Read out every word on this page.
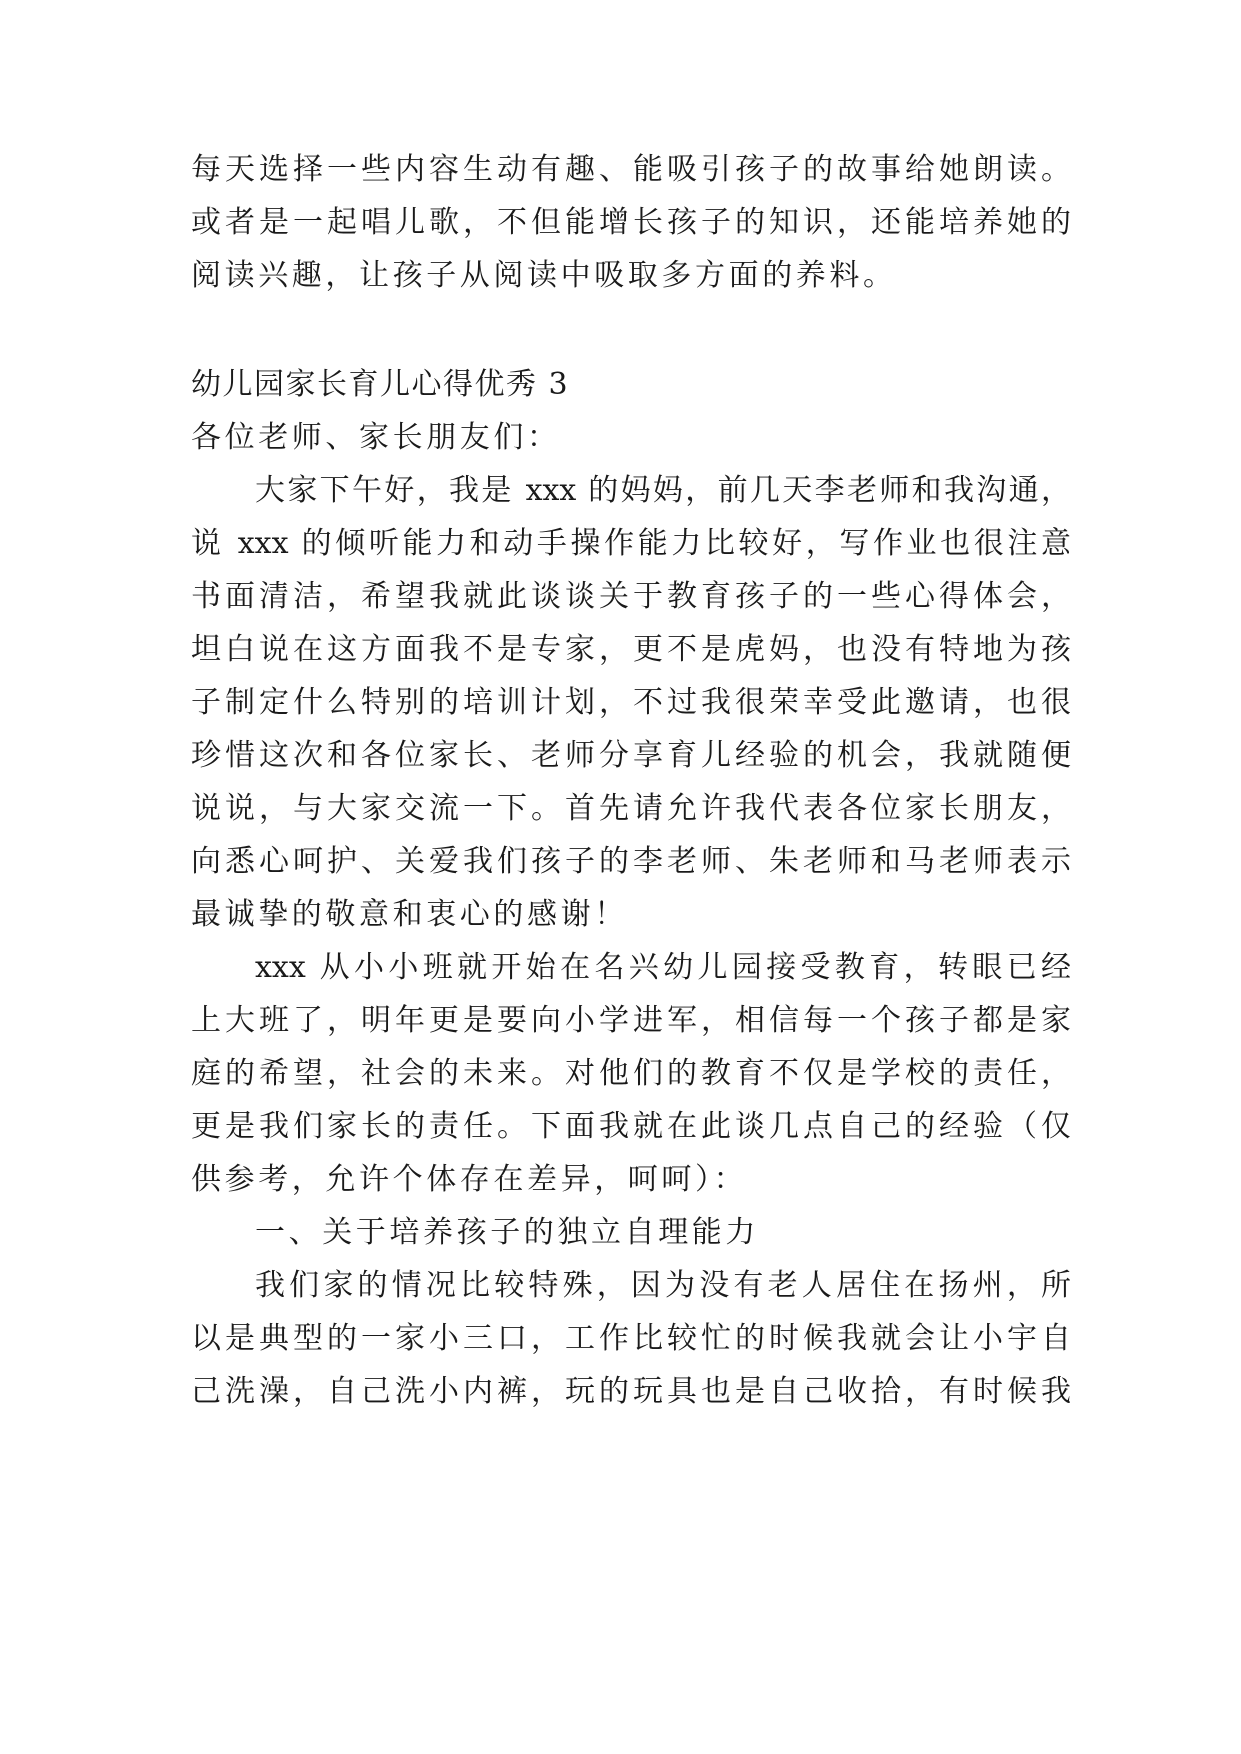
每天选择一些内容生动有趣、能吸引孩子的故事给她朗读。
或者是一起唱儿歌，不但能增长孩子的知识，还能培养她的
阅读兴趣，让孩子从阅读中吸取多方面的养料。
幼儿园家长育儿心得优秀 3
各位老师、家长朋友们：
大家下午好，我是 xxx 的妈妈，前几天李老师和我沟通，
说 xxx 的倾听能力和动手操作能力比较好，写作业也很注意
书面清洁，希望我就此谈谈关于教育孩子的一些心得体会，
坦白说在这方面我不是专家，更不是虎妈，也没有特地为孩
子制定什么特别的培训计划，不过我很荣幸受此邀请，也很
珍惜这次和各位家长、老师分享育儿经验的机会，我就随便
说说，与大家交流一下。首先请允许我代表各位家长朋友，
向悉心呵护、关爱我们孩子的李老师、朱老师和马老师表示
最诚挚的敬意和衷心的感谢！
xxx 从小小班就开始在名兴幼儿园接受教育，转眼已经
上大班了，明年更是要向小学进军，相信每一个孩子都是家
庭的希望，社会的未来。对他们的教育不仅是学校的责任，
更是我们家长的责任。下面我就在此谈几点自己的经验（仅
供参考，允许个体存在差异，呵呵）：
一、关于培养孩子的独立自理能力
我们家的情况比较特殊，因为没有老人居住在扬州，所
以是典型的一家小三口，工作比较忙的时候我就会让小宇自
己洗澡，自己洗小内裤，玩的玩具也是自己收拾，有时候我
